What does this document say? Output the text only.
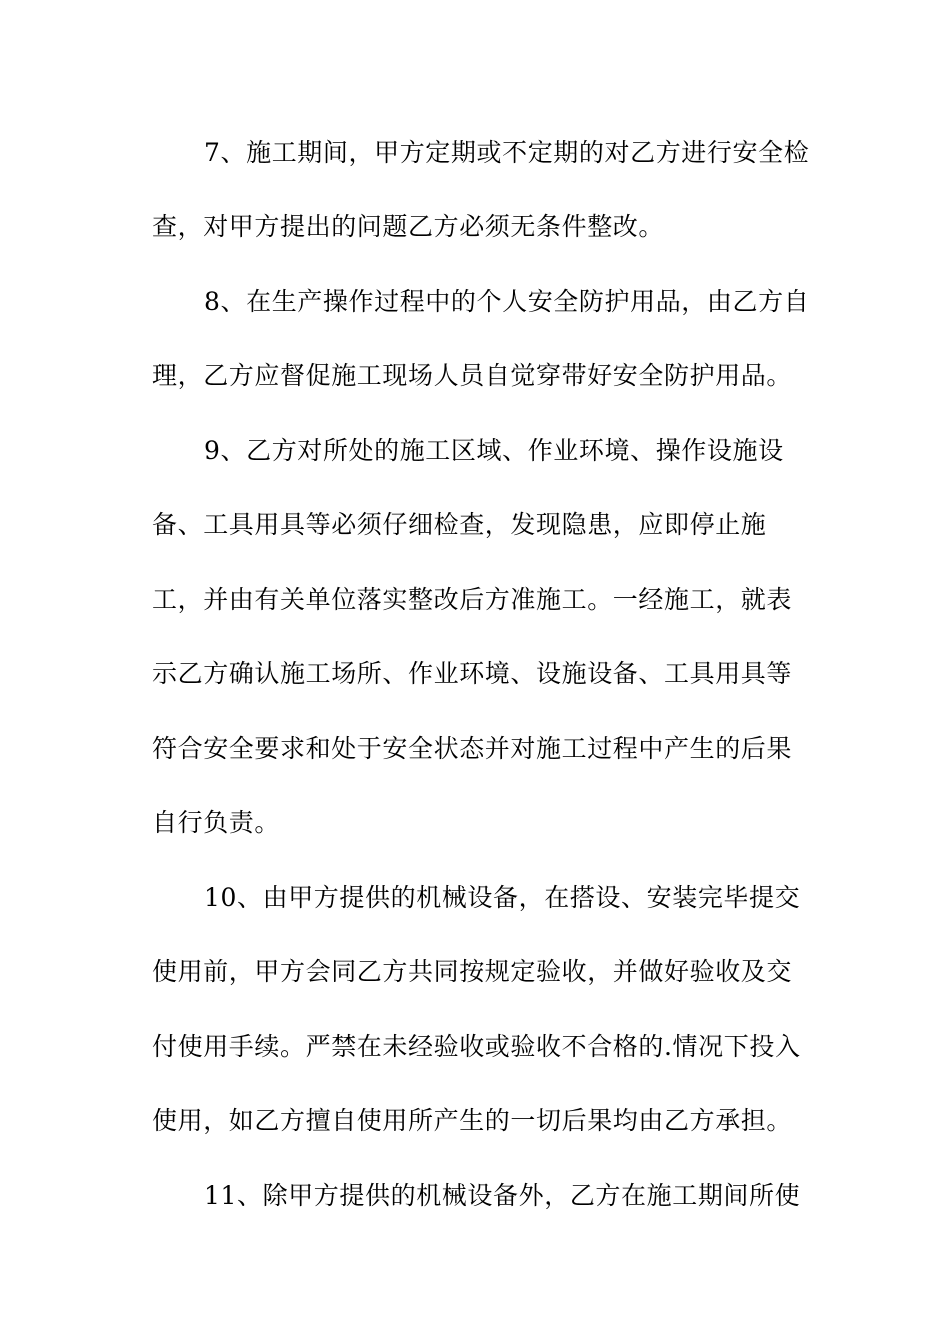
7、施工期间，甲方定期或不定期的对乙方进行安全检
查，对甲方提出的问题乙方必须无条件整改。
8、在生产操作过程中的个人安全防护用品，由乙方自
理，乙方应督促施工现场人员自觉穿带好安全防护用品。
9、乙方对所处的施工区域、作业环境、操作设施设
备、工具用具等必须仔细检查，发现隐患，应即停止施
工，并由有关单位落实整改后方准施工。一经施工，就表
示乙方确认施工场所、作业环境、设施设备、工具用具等
符合安全要求和处于安全状态并对施工过程中产生的后果
自行负责。
10、由甲方提供的机械设备，在搭设、安装完毕提交
使用前，甲方会同乙方共同按规定验收，并做好验收及交
付使用手续。严禁在未经验收或验收不合格的.情况下投入
使用，如乙方擅自使用所产生的一切后果均由乙方承担。
11、除甲方提供的机械设备外，乙方在施工期间所使
